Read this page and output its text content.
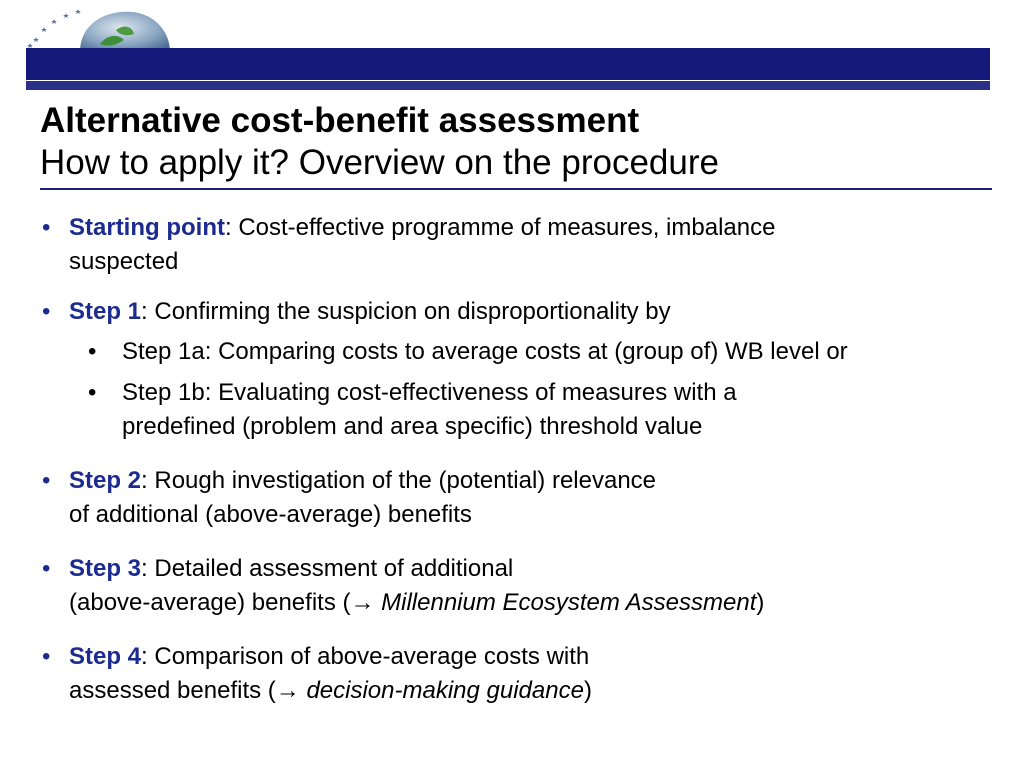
Alternative cost-benefit assessment

How to apply it? Overview on the procedure

• Starting point: Cost-effective programme of measures, imbalance
suspected
• Step 1: Confirming the suspicion on disproportionality by
• Step 1a: Comparing costs to average costs at (group of) WB level or
• Step 1b: Evaluating cost-effectiveness of measures with a
predefined (problem and area specific) threshold value
• Step 2: Rough investigation of the (potential) relevance
of additional (above-average) benefits
• Step 3: Detailed assessment of additional
(above-average) benefits (→ Millennium Ecosystem Assessment)
• Step 4: Comparison of above-average costs with
assessed benefits (→ decision-making guidance)
